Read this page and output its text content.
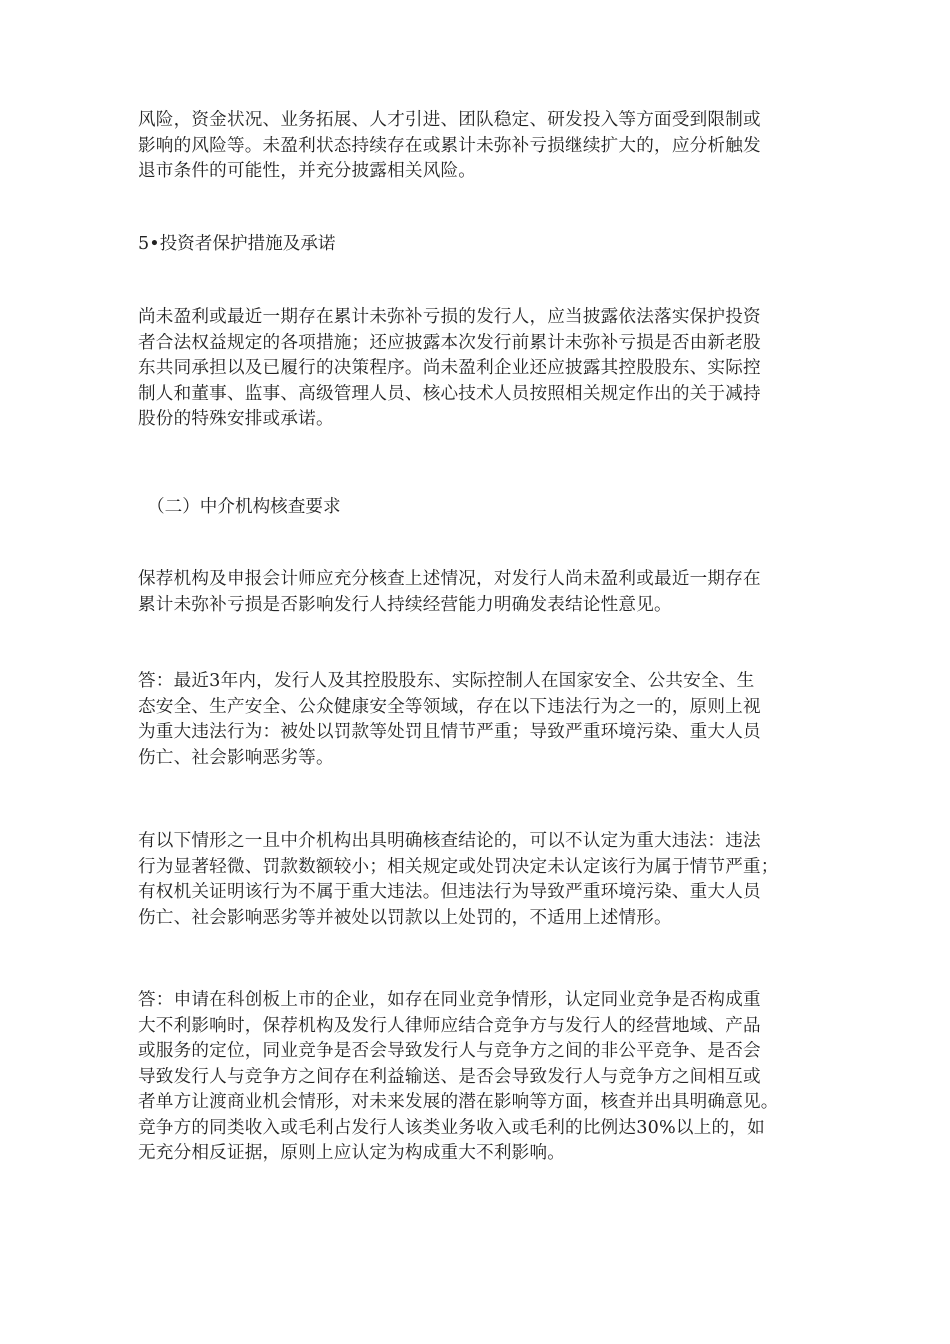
风险，资金状况、业务拓展、人才引进、团队稳定、研发投入等方面受到限制或
影响的风险等。未盈利状态持续存在或累计未弥补亏损继续扩大的，应分析触发
退市条件的可能性，并充分披露相关风险。

5•投资者保护措施及承诺

尚未盈利或最近一期存在累计未弥补亏损的发行人，应当披露依法落实保护投资
者合法权益规定的各项措施；还应披露本次发行前累计未弥补亏损是否由新老股
东共同承担以及已履行的决策程序。尚未盈利企业还应披露其控股股东、实际控
制人和董事、监事、高级管理人员、核心技术人员按照相关规定作出的关于减持
股份的特殊安排或承诺。

（二）中介机构核查要求

保荐机构及申报会计师应充分核查上述情况，对发行人尚未盈利或最近一期存在
累计未弥补亏损是否影响发行人持续经营能力明确发表结论性意见。

答：最近3年内，发行人及其控股股东、实际控制人在国家安全、公共安全、生
态安全、生产安全、公众健康安全等领域，存在以下违法行为之一的，原则上视
为重大违法行为：被处以罚款等处罚且情节严重；导致严重环境污染、重大人员
伤亡、社会影响恶劣等。

有以下情形之一且中介机构出具明确核查结论的，可以不认定为重大违法：违法
行为显著轻微、罚款数额较小；相关规定或处罚决定未认定该行为属于情节严重；
有权机关证明该行为不属于重大违法。但违法行为导致严重环境污染、重大人员
伤亡、社会影响恶劣等并被处以罚款以上处罚的，不适用上述情形。

答：申请在科创板上市的企业，如存在同业竞争情形，认定同业竞争是否构成重
大不利影响时，保荐机构及发行人律师应结合竞争方与发行人的经营地域、产品
或服务的定位，同业竞争是否会导致发行人与竞争方之间的非公平竞争、是否会
导致发行人与竞争方之间存在利益输送、是否会导致发行人与竞争方之间相互或
者单方让渡商业机会情形，对未来发展的潜在影响等方面，核查并出具明确意见。
竞争方的同类收入或毛利占发行人该类业务收入或毛利的比例达30%以上的，如
无充分相反证据，原则上应认定为构成重大不利影响。
